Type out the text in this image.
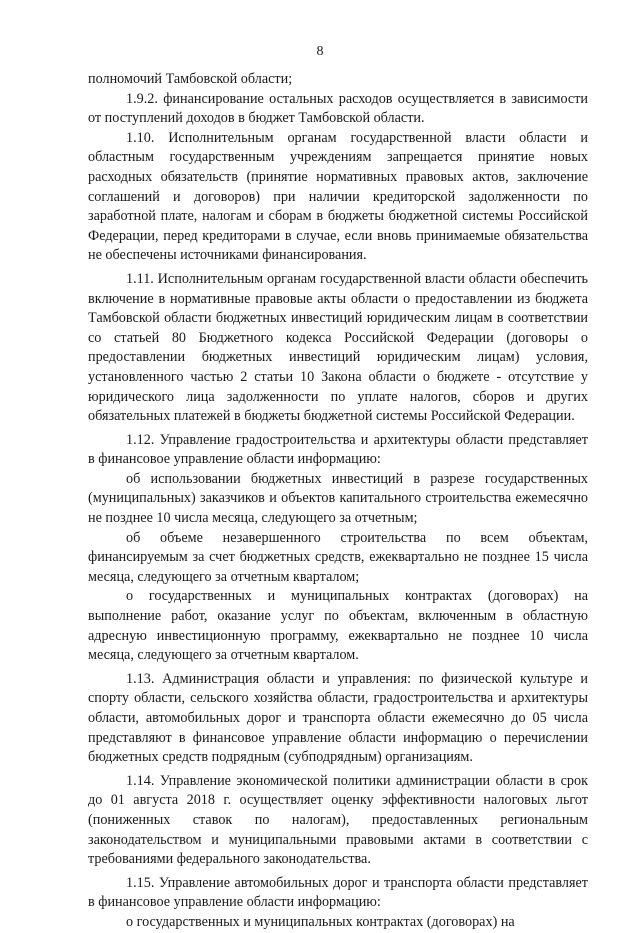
8

полномочий Тамбовской области;

1.9.2. финансирование остальных расходов осуществляется в зависимости от поступлений доходов в бюджет Тамбовской области.

1.10. Исполнительным органам государственной власти области и областным государственным учреждениям запрещается принятие новых расходных обязательств (принятие нормативных правовых актов, заключение соглашений и договоров) при наличии кредиторской задолженности по заработной плате, налогам и сборам в бюджеты бюджетной системы Российской Федерации, перед кредиторами в случае, если вновь принимаемые обязательства не обеспечены источниками финансирования.

1.11. Исполнительным органам государственной власти области обеспечить включение в нормативные правовые акты области о предоставлении из бюджета Тамбовской области бюджетных инвестиций юридическим лицам в соответствии со статьей 80 Бюджетного кодекса Российской Федерации (договоры о предоставлении бюджетных инвестиций юридическим лицам) условия, установленного частью 2 статьи 10 Закона области о бюджете - отсутствие у юридического лица задолженности по уплате налогов, сборов и других обязательных платежей в бюджеты бюджетной системы Российской Федерации.

1.12. Управление градостроительства и архитектуры области представляет в финансовое управление области информацию:

об использовании бюджетных инвестиций в разрезе государственных (муниципальных) заказчиков и объектов капитального строительства ежемесячно не позднее 10 числа месяца, следующего за отчетным;

об объеме незавершенного строительства по всем объектам, финансируемым за счет бюджетных средств, ежеквартально не позднее 15 числа месяца, следующего за отчетным кварталом;

о государственных и муниципальных контрактах (договорах) на выполнение работ, оказание услуг по объектам, включенным в областную адресную инвестиционную программу, ежеквартально не позднее 10 числа месяца, следующего за отчетным кварталом.

1.13. Администрация области и управления: по физической культуре и спорту области, сельского хозяйства области, градостроительства и архитектуры области, автомобильных дорог и транспорта области ежемесячно до 05 числа представляют в финансовое управление области информацию о перечислении бюджетных средств подрядным (субподрядным) организациям.

1.14. Управление экономической политики администрации области в срок до 01 августа 2018 г. осуществляет оценку эффективности налоговых льгот (пониженных ставок по налогам), предоставленных региональным законодательством и муниципальными правовыми актами в соответствии с требованиями федерального законодательства.

1.15. Управление автомобильных дорог и транспорта области представляет в финансовое управление области информацию:

о государственных и муниципальных контрактах (договорах) на
